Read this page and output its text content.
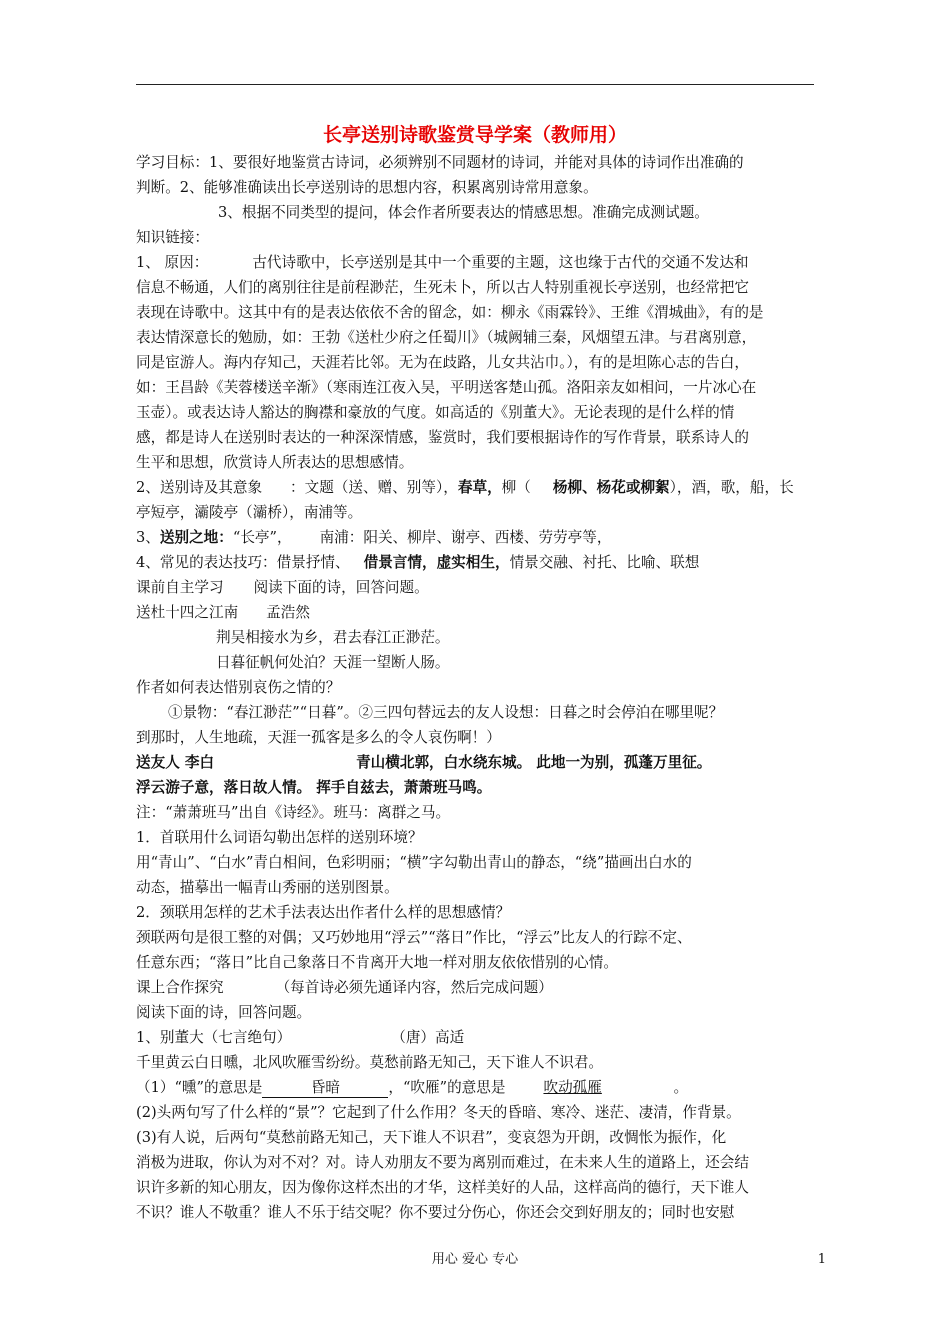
长亭送别诗歌鉴赏导学案（教师用）
学习目标：1、要很好地鉴赏古诗词，必须辨别不同题材的诗词，并能对具体的诗词作出准确的
判断。2、能够准确读出长亭送别诗的思想内容，积累离别诗常用意象。
3、根据不同类型的提问，体会作者所要表达的情感思想。准确完成测试题。
知识链接：
1、 原因：	古代诗歌中，长亭送别是其中一个重要的主题，这也缘于古代的交通不发达和
信息不畅通，人们的离别往往是前程渺茫，生死未卜，所以古人特别重视长亭送别，也经常把它
表现在诗歌中。这其中有的是表达依依不舍的留念，如：柳永《雨霖铃》、王维《渭城曲》，有的是
表达情深意长的勉励，如：王勃《送杜少府之任蜀川》（城阙辅三秦，风烟望五津。与君离别意，
同是宦游人。海内存知己，天涯若比邻。无为在歧路，儿女共沾巾。），有的是坦陈心志的告白，
如：王昌龄《芙蓉楼送辛渐》（寒雨连江夜入吴，平明送客楚山孤。洛阳亲友如相问，一片冰心在
玉壶）。或表达诗人豁达的胸襟和豪放的气度。如高适的《别董大》。无论表现的是什么样的情
感，都是诗人在送别时表达的一种深深情感，鉴赏时，我们要根据诗作的写作背景，联系诗人的
生平和思想，欣赏诗人所表达的思想感情。
2、送别诗及其意象 ：文题（送、赠、别等），春草，柳（ 杨柳、杨花或柳絮），酒，歌，船，长
亭短亭，灞陵亭（灞桥），南浦等。
3、送别之地：“长亭”， 南浦：阳关、柳岸、谢亭、西楼、劳劳亭等，
4、常见的表达技巧：借景抒情、 借景言情，虚实相生，情景交融、衬托、比喻、联想
课前自主学习 阅读下面的诗，回答问题。
送杜十四之江南 孟浩然
荆吴相接水为乡，君去春江正渺茫。
日暮征帆何处泊？天涯一望断人肠。
作者如何表达惜别哀伤之情的？
①景物：“春江渺茫”“日暮”。②三四句替远去的友人设想：日暮之时会停泊在哪里呢？
到那时，人生地疏，天涯一孤客是多么的令人哀伤啊！）
送友人 李白	青山横北郭，白水绕东城。 此地一为别，孤蓬万里征。
浮云游子意，落日故人情。 挥手自兹去，萧萧班马鸣。
注：“萧萧班马”出自《诗经》。班马：离群之马。
1．首联用什么词语勾勒出怎样的送别环境？
用“青山”、“白水”青白相间，色彩明丽；“横”字勾勒出青山的静态，“绕”描画出白水的
动态，描摹出一幅青山秀丽的送别图景。
2．颈联用怎样的艺术手法表达出作者什么样的思想感情？
颈联两句是很工整的对偶；又巧妙地用“浮云”“落日”作比，“浮云”比友人的行踪不定、
任意东西；“落日”比自己象落日不肯离开大地一样对朋友依依惜别的心情。
课上合作探究	（每首诗必须先通译内容，然后完成问题）
阅读下面的诗，回答问题。
1、别董大（七言绝句）	（唐）高适
千里黄云白日曛，北风吹雁雪纷纷。莫愁前路无知己，天下谁人不识君。
（1）“曛”的意思是	昏暗	，“吹雁”的意思是	吹动孤雁	。
(2)头两句写了什么样的“景”？它起到了什么作用？冬天的昏暗、寒冷、迷茫、凄清，作背景。
(3)有人说，后两句“莫愁前路无知己，天下谁人不识君”，变哀怨为开朗，改惆怅为振作，化
消极为进取，你认为对不对？对。诗人劝朋友不要为离别而难过，在未来人生的道路上，还会结
识许多新的知心朋友，因为像你这样杰出的才华，这样美好的人品，这样高尚的德行，天下谁人
不识？谁人不敬重？谁人不乐于结交呢？你不要过分伤心，你还会交到好朋友的；同时也安慰
用心 爱心 专心	1
